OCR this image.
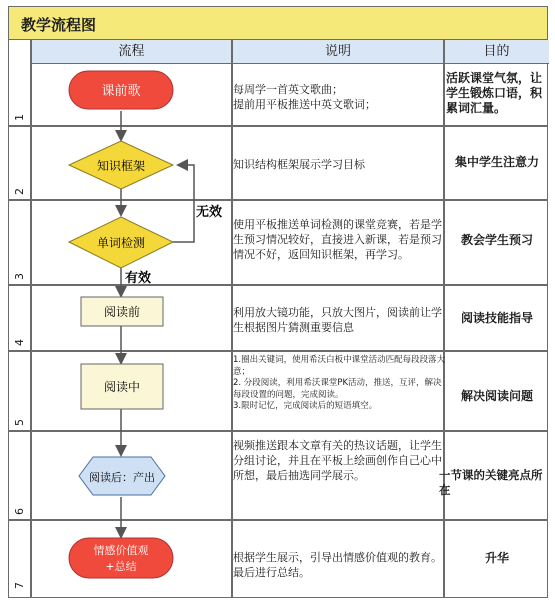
教学流程图
流程	说明	目的
1
2
3
4
5
6
7
每周学一首英文歌曲；
提前用平板推送中英文歌词；
知识结构框架展示学习目标
使用平板推送单词检测的课堂竞赛，若是学生预习情况较好，直接进入新课，若是预习情况不好，返回知识框架，再学习。
利用放大镜功能，只放大图片，阅读前让学生根据图片猜测重要信息
1.圈出关键词，使用希沃白板中课堂活动匹配每段段落大意；
2. 分段阅读，利用希沃课堂PK活动，推送，互评，解决每段设置的问题，完成阅读。
3.限时记忆，完成阅读后的短语填空。
视频推送跟本文章有关的热议话题，让学生分组讨论，并且在平板上绘画创作自己心中所想，最后抽选同学展示。
根据学生展示，引导出情感价值观的教育。最后进行总结。
活跃课堂气氛，让学生锻炼口语，积累词汇量。
集中学生注意力
教会学生预习
阅读技能指导
解决阅读问题
一节课的关键亮点所在
升华
课前歌
知识框架
单词检测
无效
有效
阅读前
阅读中
阅读后：产出
情感价值观
+总结
